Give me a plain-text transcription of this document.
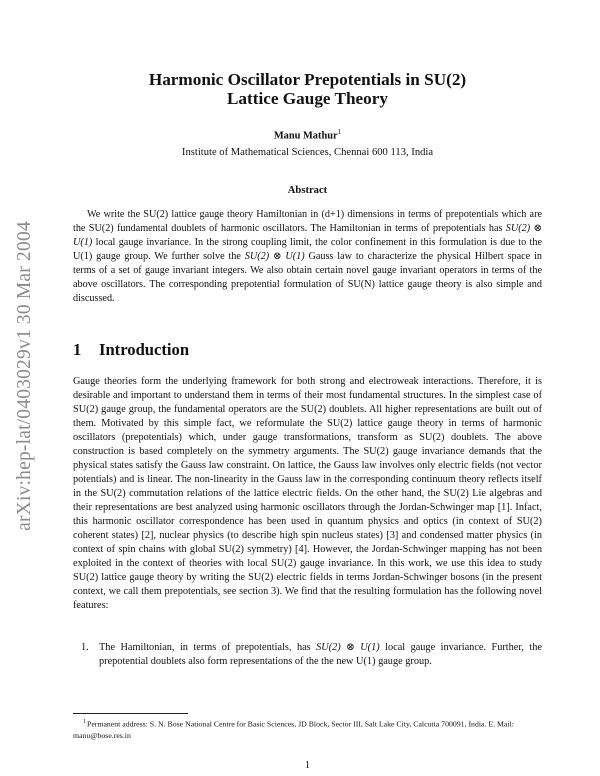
arXiv:hep-lat/0403029v1 30 Mar 2004
Harmonic Oscillator Prepotentials in SU(2)
Lattice Gauge Theory
Manu Mathur$^1$
Institute of Mathematical Sciences, Chennai 600 113, India
Abstract
We write the SU(2) lattice gauge theory Hamiltonian in (d+1) dimensions in terms of prepotentials which are the SU(2) fundamental doublets of harmonic oscillators. The Hamiltonian in terms of prepotentials has SU(2) ⊗ U(1) local gauge invariance. In the strong coupling limit, the color confinement in this formulation is due to the U(1) gauge group. We further solve the SU(2) ⊗ U(1) Gauss law to characterize the physical Hilbert space in terms of a set of gauge invariant integers. We also obtain certain novel gauge invariant operators in terms of the above oscillators. The corresponding prepotential formulation of SU(N) lattice gauge theory is also simple and discussed.
1 Introduction
Gauge theories form the underlying framework for both strong and electroweak interactions. Therefore, it is desirable and important to understand them in terms of their most fundamental structures. In the simplest case of SU(2) gauge group, the fundamental operators are the SU(2) doublets. All higher representations are built out of them. Motivated by this simple fact, we reformulate the SU(2) lattice gauge theory in terms of harmonic oscillators (prepotentials) which, under gauge transformations, transform as SU(2) doublets. The above construction is based completely on the symmetry arguments. The SU(2) gauge invariance demands that the physical states satisfy the Gauss law constraint. On lattice, the Gauss law involves only electric fields (not vector potentials) and is linear. The non-linearity in the Gauss law in the corresponding continuum theory reflects itself in the SU(2) commutation relations of the lattice electric fields. On the other hand, the SU(2) Lie algebras and their representations are best analyzed using harmonic oscillators through the Jordan-Schwinger map [1]. Infact, this harmonic oscillator correspondence has been used in quantum physics and optics (in context of SU(2) coherent states) [2], nuclear physics (to describe high spin nucleus states) [3] and condensed matter physics (in context of spin chains with global SU(2) symmetry) [4]. However, the Jordan-Schwinger mapping has not been exploited in the context of theories with local SU(2) gauge invariance. In this work, we use this idea to study SU(2) lattice gauge theory by writing the SU(2) electric fields in terms Jordan-Schwinger bosons (in the present context, we call them prepotentials, see section 3). We find that the resulting formulation has the following novel features:
1. The Hamiltonian, in terms of prepotentials, has SU(2) ⊗ U(1) local gauge invariance. Further, the prepotential doublets also form representations of the the new U(1) gauge group.
$^1$Permanent address: S. N. Bose National Centre for Basic Sciences, JD Block, Sector III, Salt Lake City, Calcutta 700091, India. E. Mail: manu@bose.res.in
1
